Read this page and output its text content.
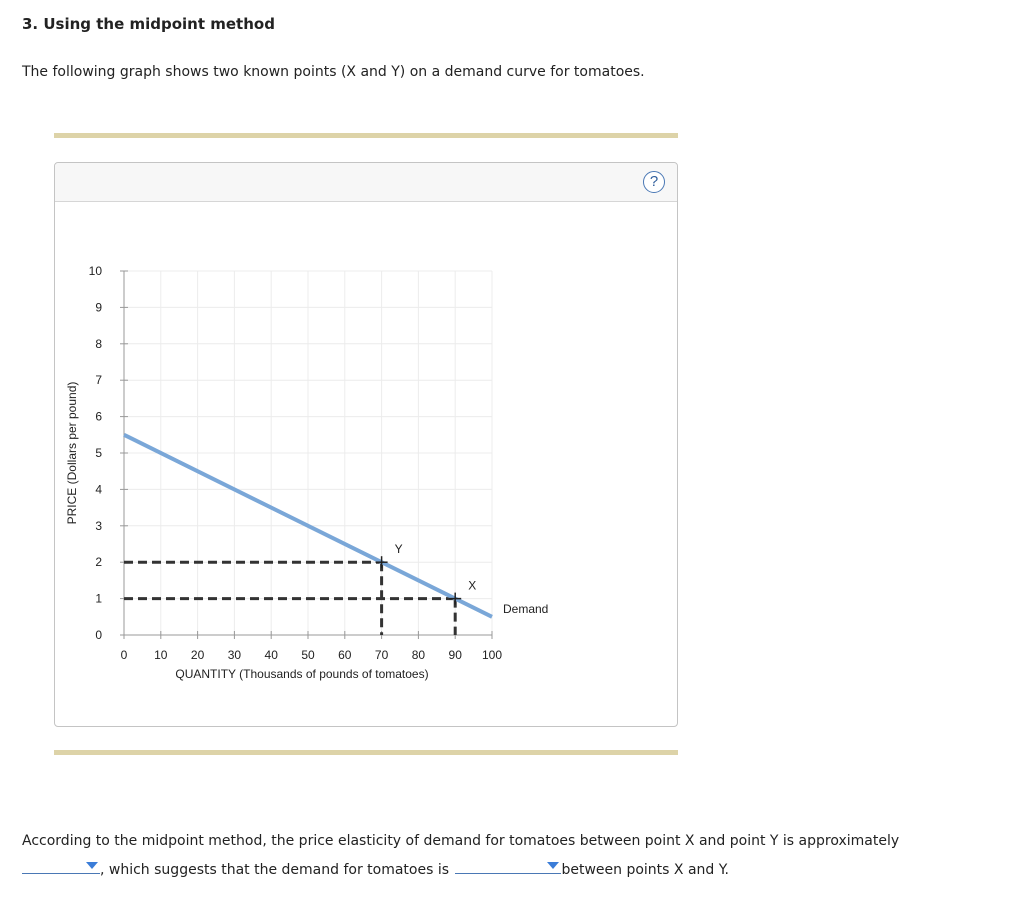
3. Using the midpoint method

The following graph shows two known points (X and Y) on a demand curve for tomatoes.

?
0
1
2
3
4
5
6
7
8
9
10
0 10 20 30 40 50 60 70 80 90 100
QUANTITY (Thousands of pounds of tomatoes)
PRICE (Dollars per pound)
Demand
Y
X
According to the midpoint method, the price elasticity of demand for tomatoes between point X and point Y is approximately

, which suggests that the demand for tomatoes is	between points X and Y.
